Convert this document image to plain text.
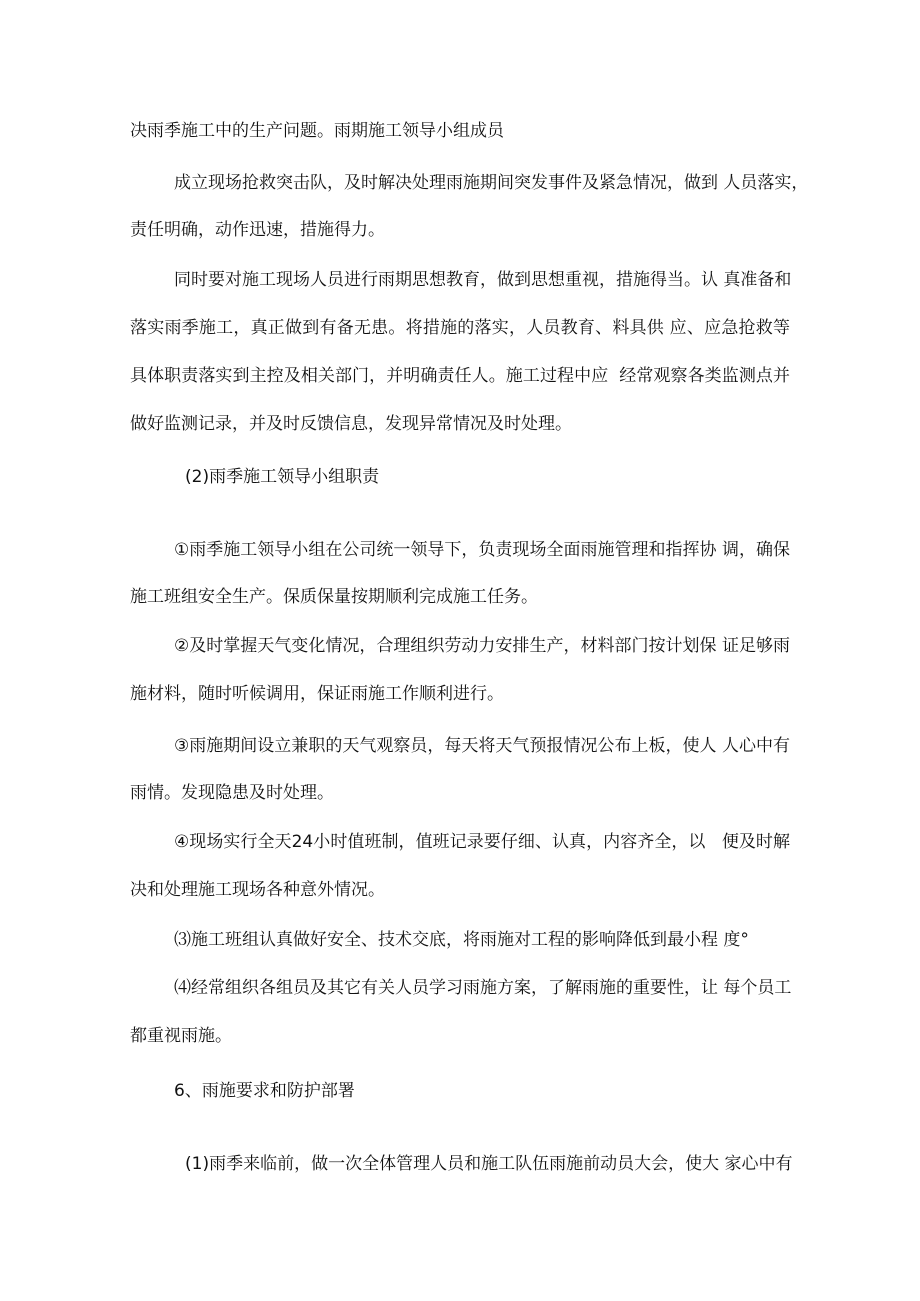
决雨季施工中的生产问题。雨期施工领导小组成员

成立现场抢救突击队，及时解决处理雨施期间突发事件及紧急情况，做到 人员落实，

责任明确，动作迅速，措施得力。

同时要对施工现场人员进行雨期思想教育，做到思想重视，措施得当。认 真准备和

落实雨季施工，真正做到有备无患。将措施的落实，人员教育、料具供 应、应急抢救等

具体职责落实到主控及相关部门，并明确责任人。施工过程中应  经常观察各类监测点并

做好监测记录，并及时反馈信息，发现异常情况及时处理。

(2)雨季施工领导小组职责

①雨季施工领导小组在公司统一领导下，负责现场全面雨施管理和指挥协 调，确保

施工班组安全生产。保质保量按期顺利完成施工任务。

②及时掌握天气变化情况，合理组织劳动力安排生产，材料部门按计划保 证足够雨

施材料，随时听候调用，保证雨施工作顺利进行。

③雨施期间设立兼职的天气观察员，每天将天气预报情况公布上板，使人 人心中有

雨情。发现隐患及时处理。

④现场实行全天24小时值班制，值班记录要仔细、认真，内容齐全，以   便及时解

决和处理施工现场各种意外情况。

⑶施工班组认真做好安全、技术交底，将雨施对工程的影响降低到最小程 度°

⑷经常组织各组员及其它有关人员学习雨施方案，了解雨施的重要性，让 每个员工

都重视雨施。

6、雨施要求和防护部署

(1)雨季来临前，做一次全体管理人员和施工队伍雨施前动员大会，使大 家心中有
